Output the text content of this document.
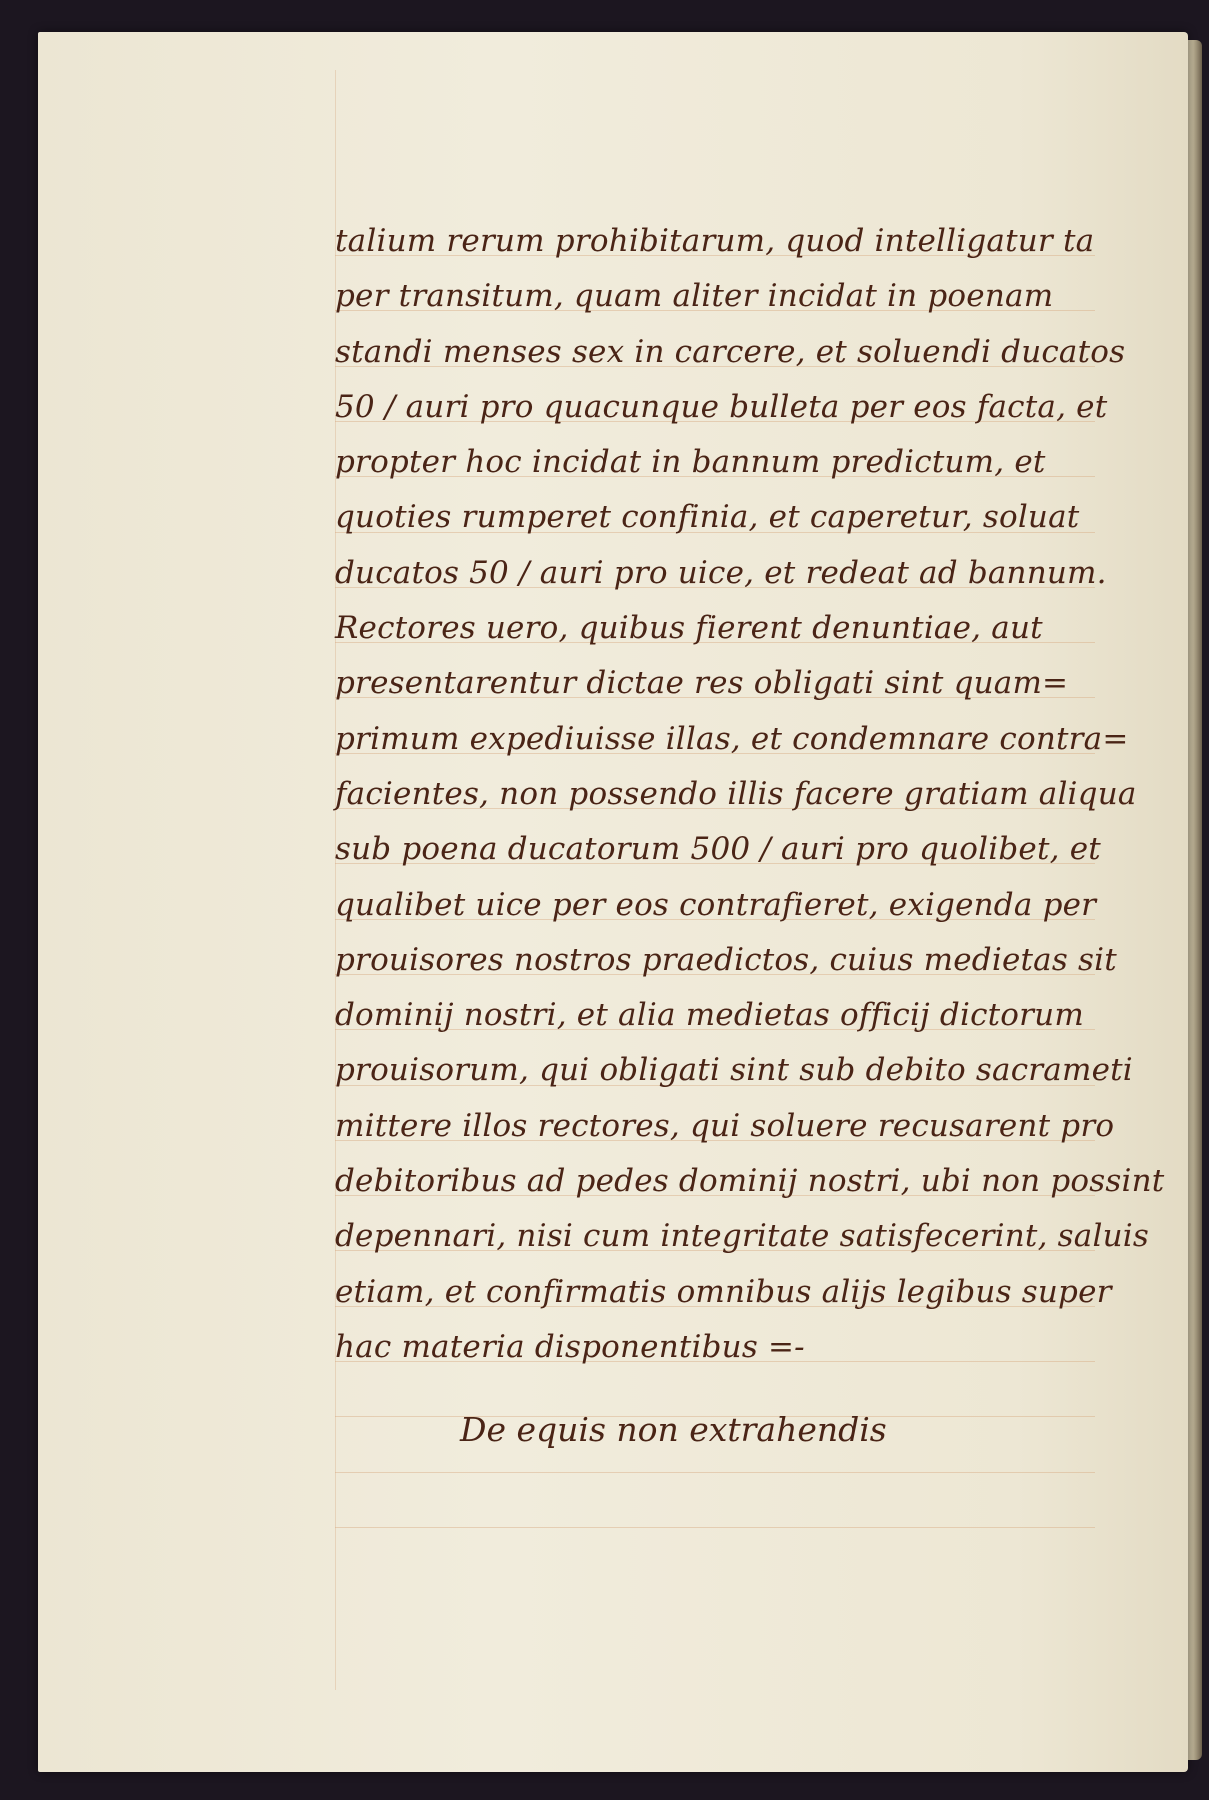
talium rerum prohibitarum, quod intelligatur ta
per transitum, quam aliter incidat in poenam
standi menses sex in carcere, et soluendi ducatos
50 / auri pro quacunque bulleta per eos facta, et
propter hoc incidat in bannum predictum, et
quoties rumperet confinia, et caperetur, soluat
ducatos 50 / auri pro uice, et redeat ad bannum.
Rectores uero, quibus fierent denuntiae, aut
presentarentur dictae res obligati sint quam=
primum expediuisse illas, et condemnare contra=
facientes, non possendo illis facere gratiam aliqua
sub poena ducatorum 500 / auri pro quolibet, et
qualibet uice per eos contrafieret, exigenda per
prouisores nostros praedictos, cuius medietas sit
dominij nostri, et alia medietas officij dictorum
prouisorum, qui obligati sint sub debito sacrameti
mittere illos rectores, qui soluere recusarent pro
debitoribus ad pedes dominij nostri, ubi non possint
depennari, nisi cum integritate satisfecerint, saluis
etiam, et confirmatis omnibus alijs legibus super
hac materia disponentibus =-
De equis non extrahendis
